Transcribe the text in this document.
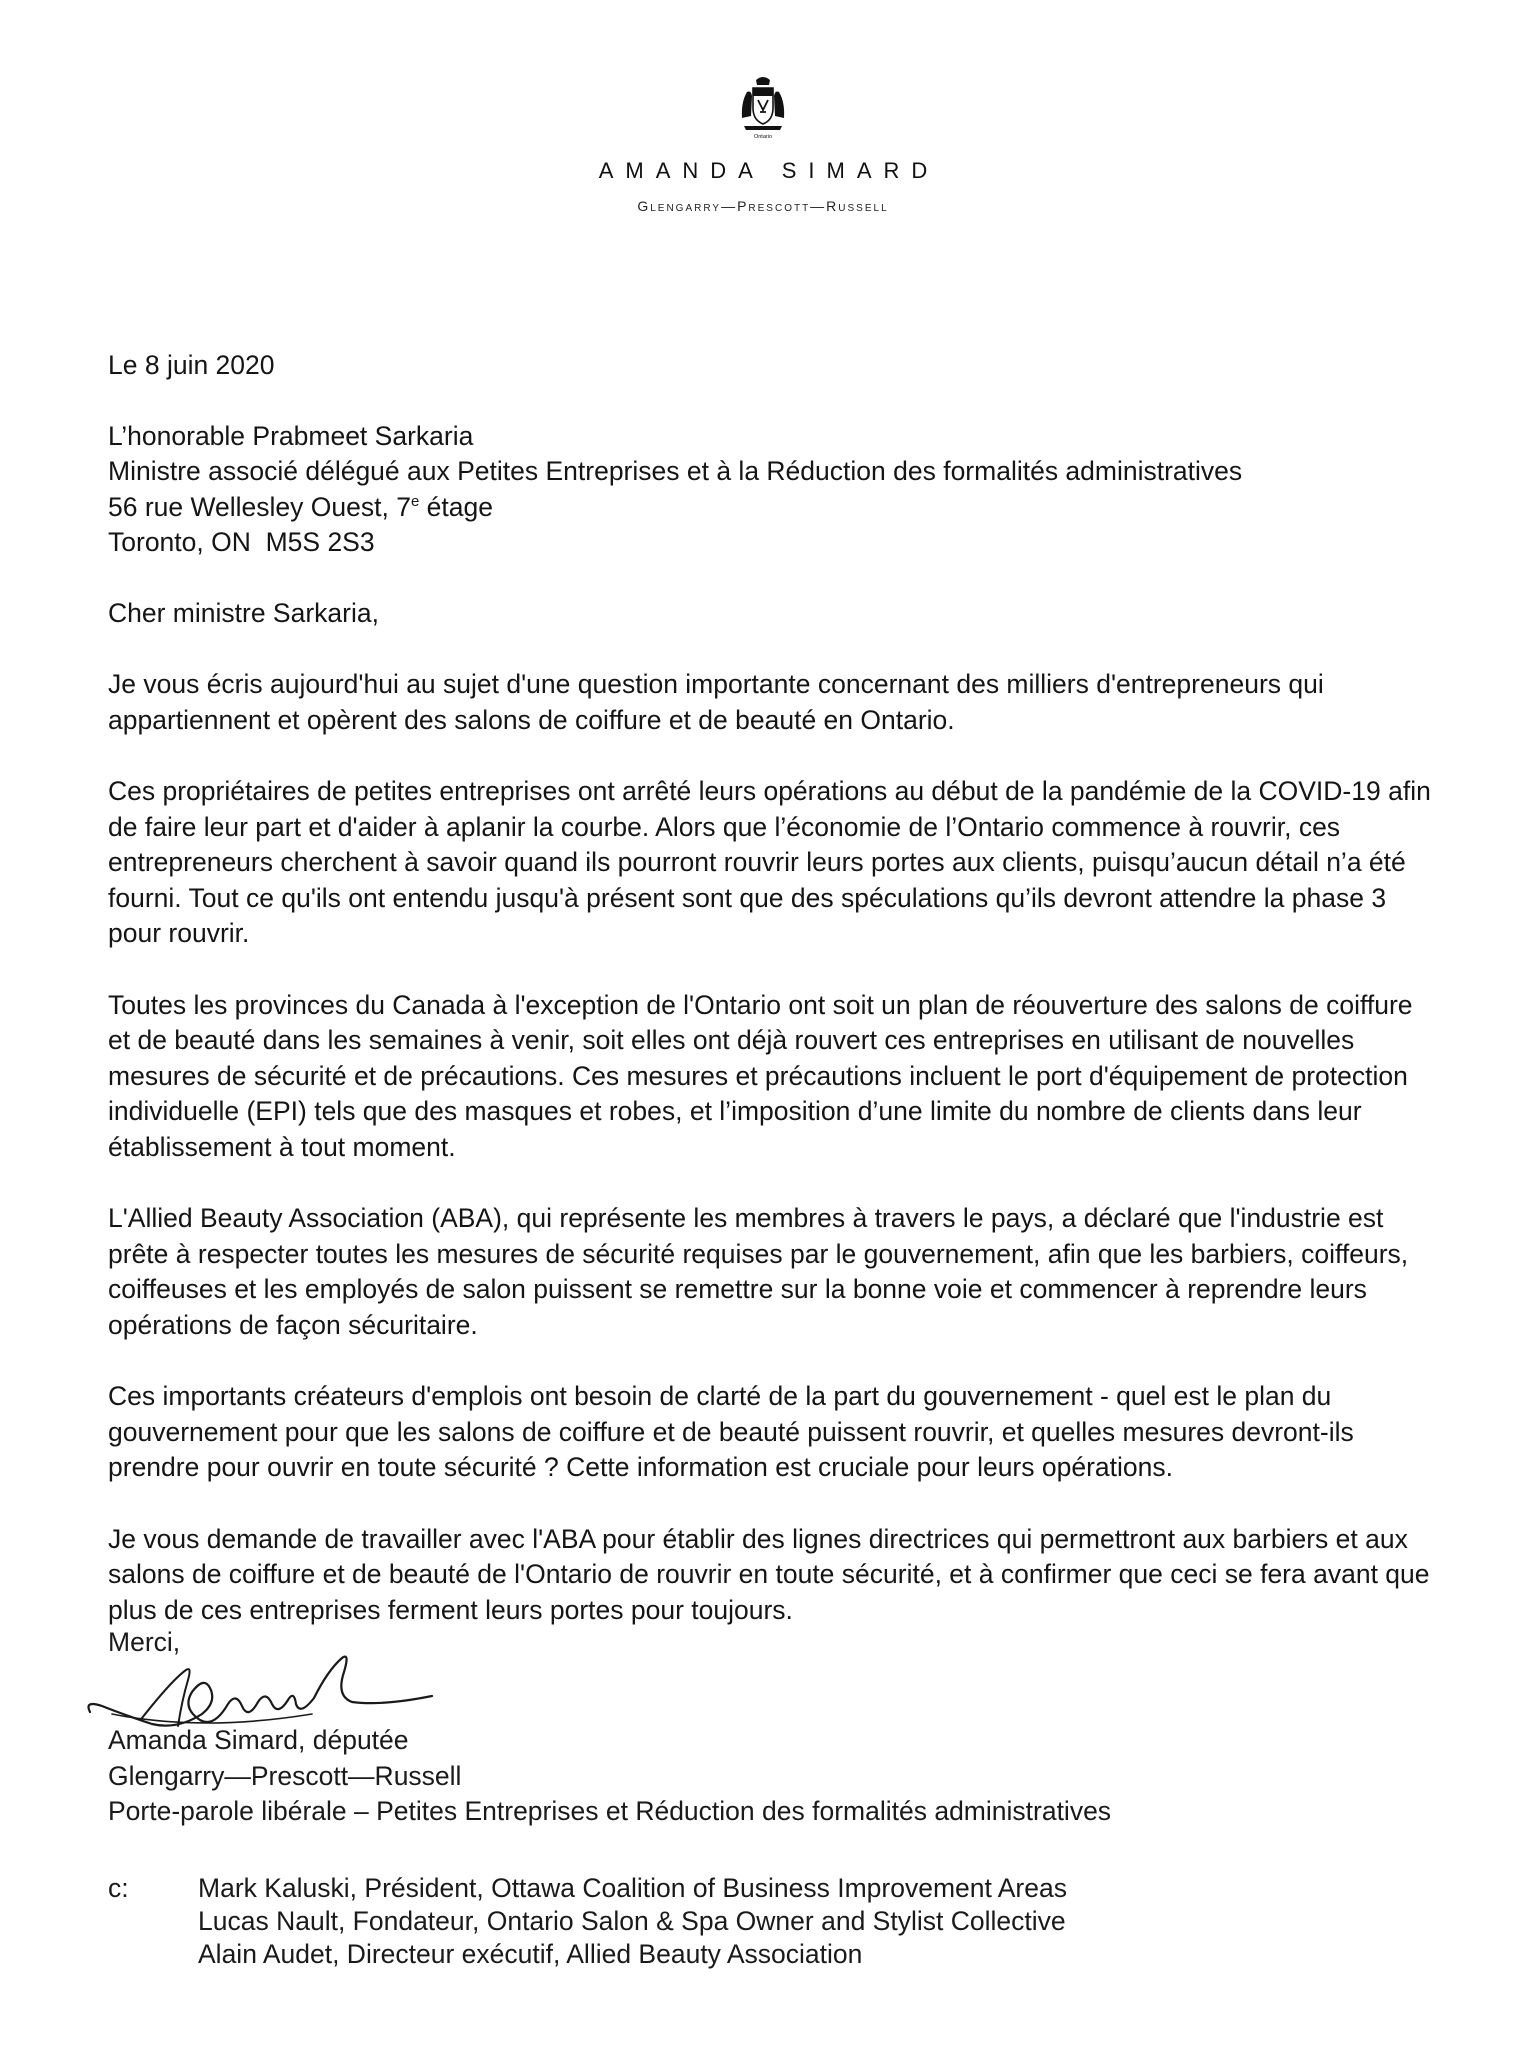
Ontario
AMANDA SIMARD
Glengarry—Prescott—Russell

Le 8 juin 2020

L’honorable Prabmeet Sarkaria

Ministre associé délégué aux Petites Entreprises et à la Réduction des formalités administratives

56 rue Wellesley Ouest, 7e étage

Toronto, ON  M5S 2S3

Cher ministre Sarkaria,

Je vous écris aujourd'hui au sujet d'une question importante concernant des milliers d'entrepreneurs qui appartiennent et opèrent des salons de coiffure et de beauté en Ontario.

Ces propriétaires de petites entreprises ont arrêté leurs opérations au début de la pandémie de la COVID-19 afin de faire leur part et d'aider à aplanir la courbe. Alors que l’économie de l’Ontario commence à rouvrir, ces entrepreneurs cherchent à savoir quand ils pourront rouvrir leurs portes aux clients, puisqu’aucun détail n’a été fourni. Tout ce qu'ils ont entendu jusqu'à présent sont que des spéculations qu’ils devront attendre la phase 3 pour rouvrir.

Toutes les provinces du Canada à l'exception de l'Ontario ont soit un plan de réouverture des salons de coiffure et de beauté dans les semaines à venir, soit elles ont déjà rouvert ces entreprises en utilisant de nouvelles mesures de sécurité et de précautions. Ces mesures et précautions incluent le port d'équipement de protection individuelle (EPI) tels que des masques et robes, et l’imposition d’une limite du nombre de clients dans leur établissement à tout moment.

L'Allied Beauty Association (ABA), qui représente les membres à travers le pays, a déclaré que l'industrie est prête à respecter toutes les mesures de sécurité requises par le gouvernement, afin que les barbiers, coiffeurs, coiffeuses et les employés de salon puissent se remettre sur la bonne voie et commencer à reprendre leurs opérations de façon sécuritaire.

Ces importants créateurs d'emplois ont besoin de clarté de la part du gouvernement - quel est le plan du gouvernement pour que les salons de coiffure et de beauté puissent rouvrir, et quelles mesures devront-ils prendre pour ouvrir en toute sécurité ? Cette information est cruciale pour leurs opérations.

Je vous demande de travailler avec l'ABA pour établir des lignes directrices qui permettront aux barbiers et aux salons de coiffure et de beauté de l'Ontario de rouvrir en toute sécurité, et à confirmer que ceci se fera avant que plus de ces entreprises ferment leurs portes pour toujours.

Merci,
Amanda Simard, députée
Glengarry—Prescott—Russell
Porte-parole libérale – Petites Entreprises et Réduction des formalités administratives
c:	Mark Kaluski, Président, Ottawa Coalition of Business Improvement Areas
Lucas Nault, Fondateur, Ontario Salon & Spa Owner and Stylist Collective
Alain Audet, Directeur exécutif, Allied Beauty Association
